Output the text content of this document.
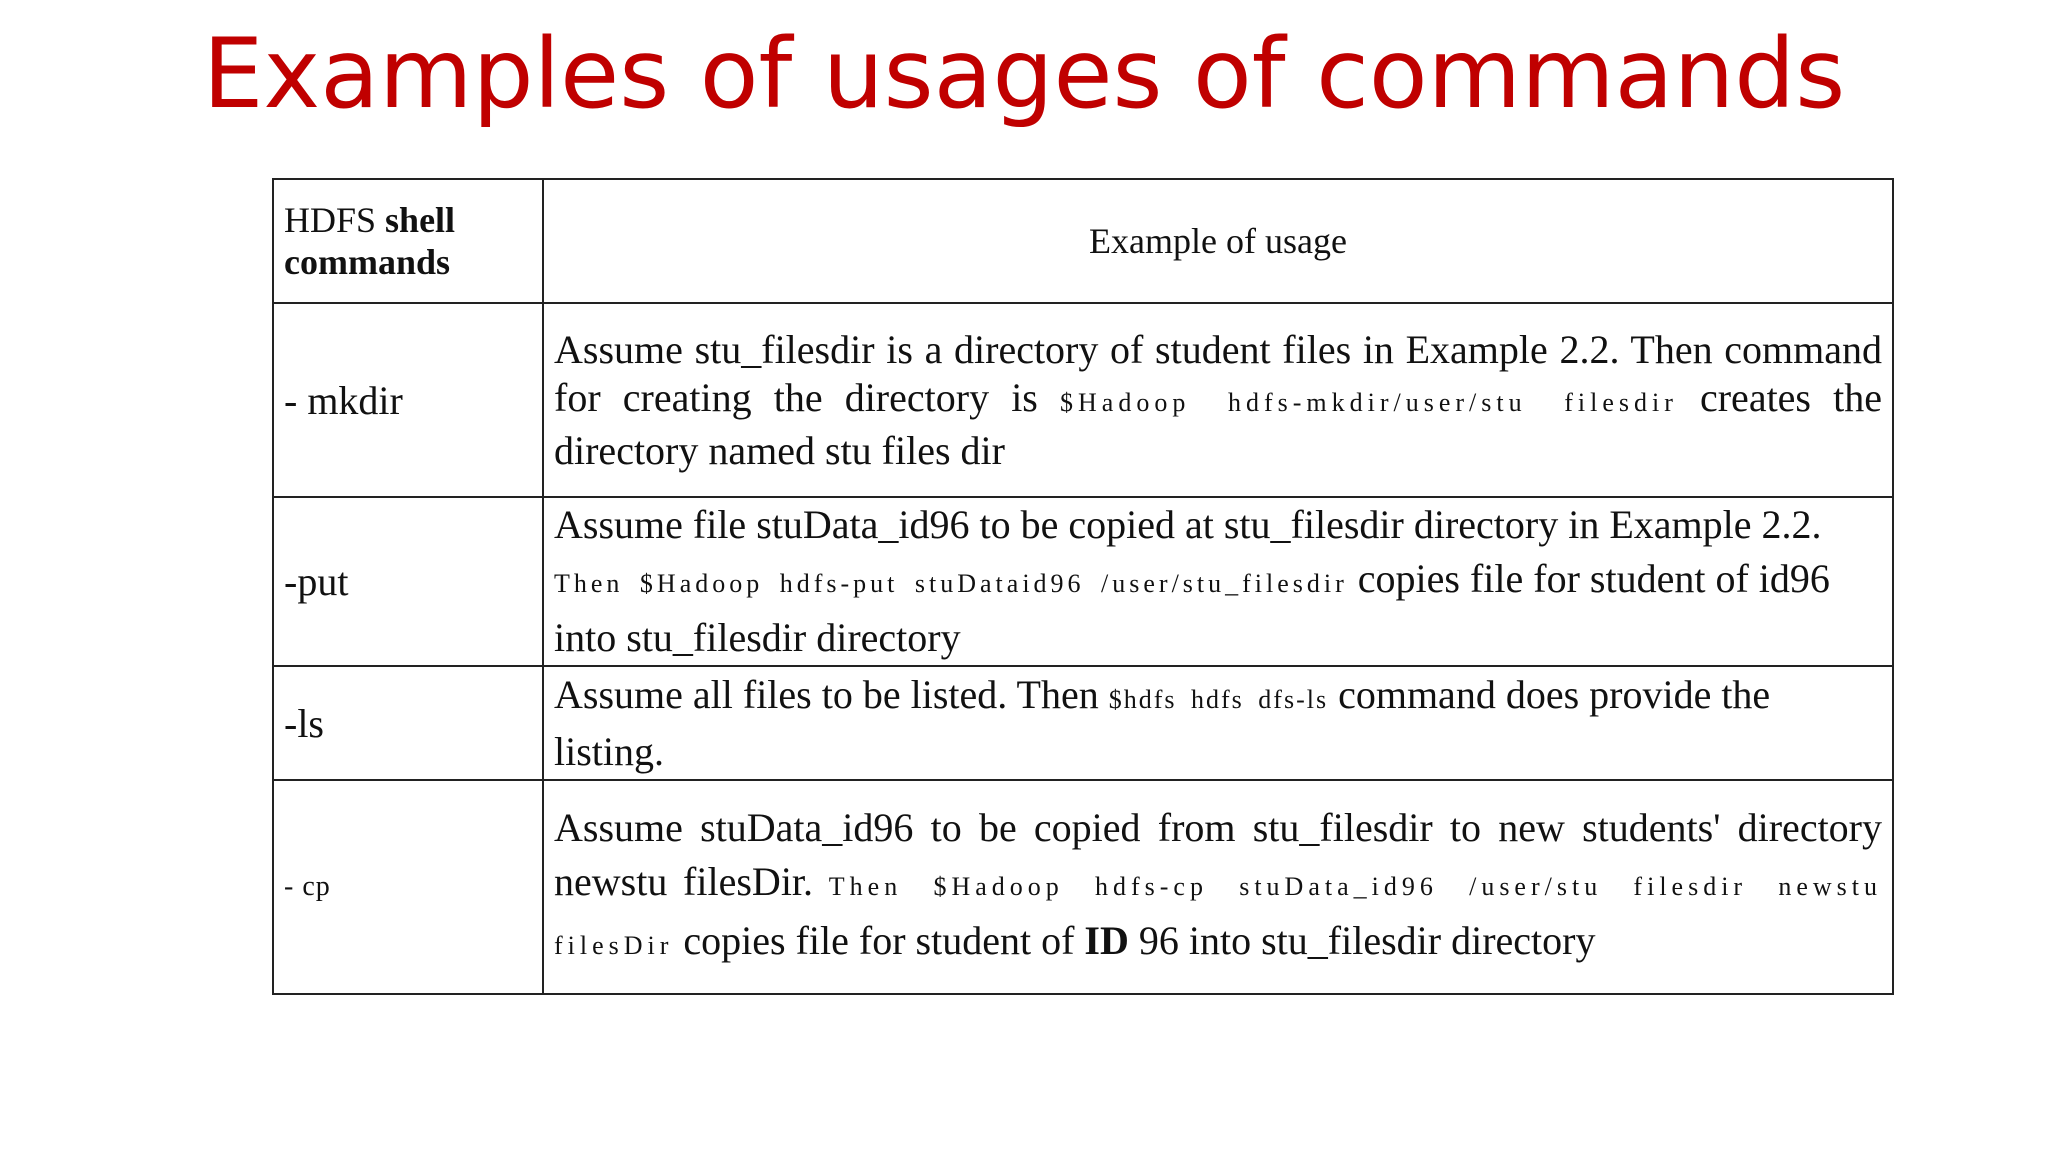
Examples of usages of commands
HDFS shell
commands	Example of usage
- mkdir	Assume stu_filesdir is a directory of student files in Example 2.2. Then command for creating the directory is $Hadoop hdfs-mkdir/user/stu filesdir creates the directory named stu files dir
-put	Assume file stuData_id96 to be copied at stu_filesdir directory in Example 2.2. Then $Hadoop hdfs-put stuDataid96 /user/stu_filesdir copies file for student of id96 into stu_filesdir directory
-ls	Assume all files to be listed. Then $hdfs hdfs dfs-ls command does provide the listing.
- cp	Assume stuData_id96 to be copied from stu_filesdir to new students' directory newstu filesDir. Then $Hadoop hdfs-cp stuData_id96 /user/stu filesdir newstu filesDir copies file for student of ID 96 into stu_filesdir directory
